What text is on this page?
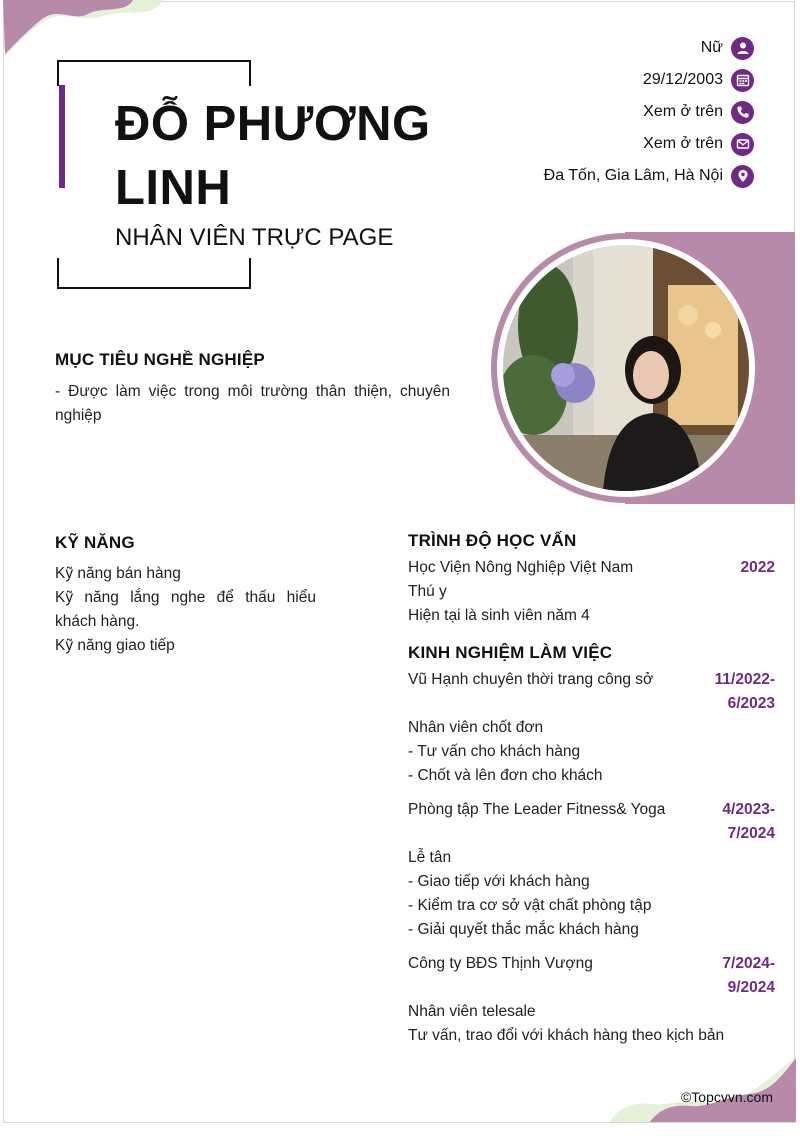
ĐỖ PHƯƠNG LINH
NHÂN VIÊN TRỰC PAGE
Nữ
29/12/2003
Xem ở trên
Xem ở trên
Đa Tốn, Gia Lâm, Hà Nội
MỤC TIÊU NGHỀ NGHIỆP
- Được làm việc trong môi trường thân thiện, chuyên nghiệp
KỸ NĂNG
Kỹ năng bán hàng
Kỹ năng lắng nghe để thấu hiểu khách hàng.
Kỹ năng giao tiếp
TRÌNH ĐỘ HỌC VẤN
Học Viện Nông Nghiệp Việt Nam	2022
Thú y
Hiện tại là sinh viên năm 4
KINH NGHIỆM LÀM VIỆC
Vũ Hạnh chuyên thời trang công sở	11/2022-
6/2023
Nhân viên chốt đơn
- Tư vấn cho khách hàng
- Chốt và lên đơn cho khách
Phòng tập The Leader Fitness& Yoga	4/2023-
7/2024
Lễ tân
- Giao tiếp với khách hàng
- Kiểm tra cơ sở vật chất phòng tập
- Giải quyết thắc mắc khách hàng
Công ty BĐS Thịnh Vượng	7/2024-
9/2024
Nhân viên telesale
Tư vấn, trao đổi với khách hàng theo kịch bản
©Topcvvn.com
